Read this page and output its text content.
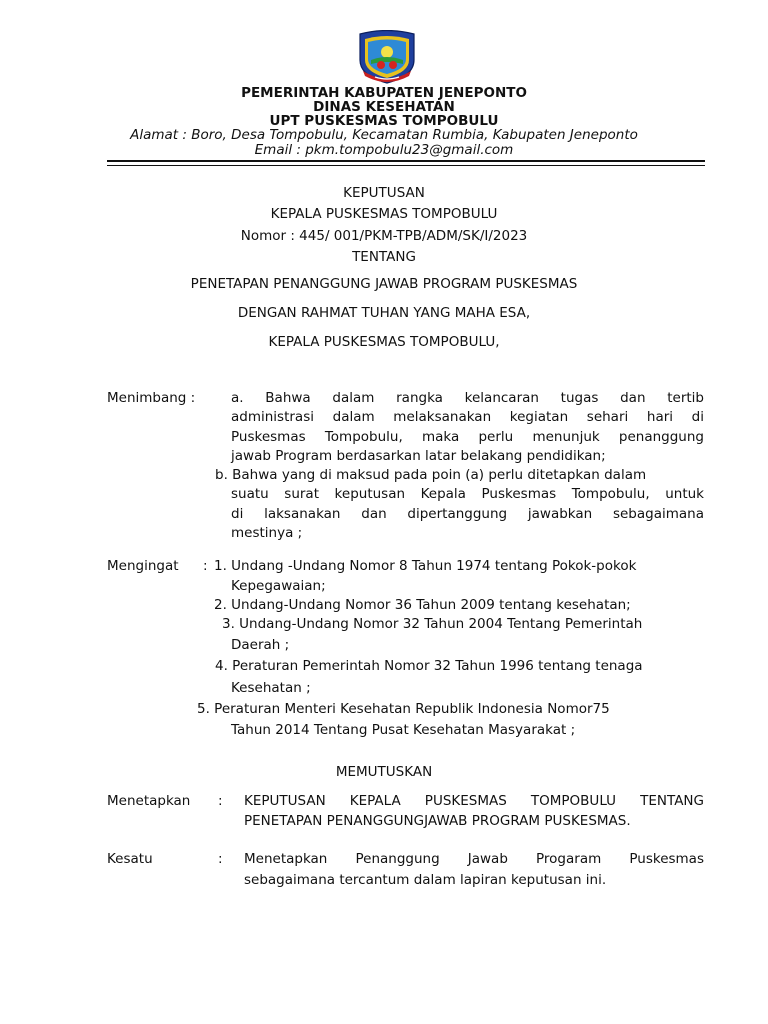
PEMERINTAH KABUPATEN JENEPONTO
DINAS KESEHATAN
UPT PUSKESMAS TOMPOBULU
Alamat : Boro, Desa Tompobulu, Kecamatan Rumbia, Kabupaten Jeneponto
Email : pkm.tompobulu23@gmail.com
KEPUTUSAN
KEPALA PUSKESMAS TOMPOBULU
Nomor : 445/ 001/PKM-TPB/ADM/SK/I/2023
TENTANG
PENETAPAN PENANGGUNG JAWAB PROGRAM PUSKESMAS
DENGAN RAHMAT TUHAN YANG MAHA ESA,
KEPALA PUSKESMAS TOMPOBULU,
Menimbang :	a. Bahwa dalam rangka kelancaran tugas dan tertib
administrasi dalam melaksanakan kegiatan sehari hari di
Puskesmas Tompobulu, maka perlu menunjuk penanggung
jawab Program berdasarkan latar belakang pendidikan;
b. Bahwa yang di maksud pada poin (a) perlu ditetapkan dalam
suatu surat keputusan Kepala Puskesmas Tompobulu, untuk
di laksanakan dan dipertanggung jawabkan sebagaimana
mestinya ;
Mengingat : 1. Undang -Undang Nomor 8 Tahun 1974 tentang Pokok-pokok
Kepegawaian;
2. Undang-Undang Nomor 36 Tahun 2009 tentang kesehatan;
3. Undang-Undang Nomor 32 Tahun 2004 Tentang Pemerintah
Daerah ;
4. Peraturan Pemerintah Nomor 32 Tahun 1996 tentang tenaga
Kesehatan ;
5. Peraturan Menteri Kesehatan Republik Indonesia Nomor75
Tahun 2014 Tentang Pusat Kesehatan Masyarakat ;
MEMUTUSKAN
Menetapkan : KEPUTUSAN KEPALA PUSKESMAS TOMPOBULU TENTANG
PENETAPAN PENANGGUNGJAWAB PROGRAM PUSKESMAS.
Kesatu	: Menetapkan Penanggung Jawab Progaram Puskesmas
sebagaimana tercantum dalam lapiran keputusan ini.
